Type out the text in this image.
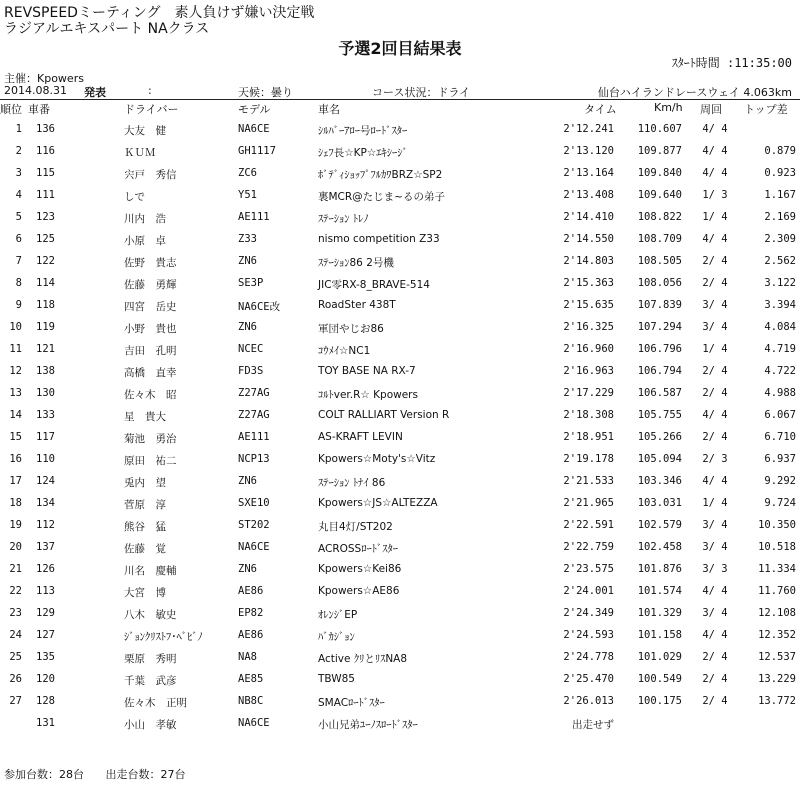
REVSPEEDミーティング　素人負けず嫌い決定戦
ラジアルエキスパート NAクラス
予選2回目結果表
ｽﾀｰﾄ時間 :11:35:00
主催：Kpowers
2014.08.31 発表	:	天候：曇り	コース状況：ドライ	仙台ハイランドレースウェイ 4.063km
順位 車番	ドライバー	モデル	車名	タイム	Km/h 周回 トップ差
1 136	大友　健	NA6CE	ｼﾙﾊﾞｰｱﾛｰ号ﾛｰﾄﾞｽﾀｰ	2'12.241	110.607	4/ 4
2 116	ＫＵＭ	GH1117	ｼｪﾌ長☆KP☆ｴｷｼｰｼﾞ	2'13.120	109.877	4/ 4	0.879
3 115	宍戸　秀信	ZC6	ﾎﾞﾃﾞｨｼｮｯﾌﾟﾌﾙｶﾜBRZ☆SP2	2'13.164	109.840	4/ 4	0.923
4 111	しで	Y51	裏MCR@たじま~るの弟子	2'13.408	109.640	1/ 3	1.167
5 123	川内　浩	AE111	ｽﾃｰｼｮﾝ ﾄﾚﾉ	2'14.410	108.822	1/ 4	2.169
6 125	小原　卓	Z33	nismo competition Z33	2'14.550	108.709	4/ 4	2.309
7 122	佐野　貴志	ZN6	ｽﾃｰｼｮﾝ86 2号機	2'14.803	108.505	2/ 4	2.562
8 114	佐藤　勇輝	SE3P	JIC零RX-8_BRAVE-514	2'15.363	108.056	2/ 4	3.122
9 118	四宮　岳史	NA6CE改	RoadSter 438T	2'15.635	107.839	3/ 4	3.394
10 119	小野　貴也	ZN6	軍団やじお86	2'16.325	107.294	3/ 4	4.084
11 121	吉田　孔明	NCEC	ｺｳﾒｲ☆NC1	2'16.960	106.796	1/ 4	4.719
12 138	高橋　直幸	FD3S	TOY BASE NA RX-7	2'16.963	106.794	2/ 4	4.722
13 130	佐々木　昭	Z27AG	ｺﾙﾄver.R☆ Kpowers	2'17.229	106.587	2/ 4	4.988
14 133	星　貴大	Z27AG	COLT RALLIART Version R	2'18.308	105.755	4/ 4	6.067
15 117	菊池　勇治	AE111	AS-KRAFT LEVIN	2'18.951	105.266	2/ 4	6.710
16 110	原田　祐二	NCP13	Kpowers☆Moty's☆Vitz	2'19.178	105.094	2/ 3	6.937
17 124	兎内　望	ZN6	ｽﾃｰｼｮﾝ ﾄﾅｲ 86	2'21.533	103.346	4/ 4	9.292
18 134	菅原　淳	SXE10	Kpowers☆JS☆ALTEZZA	2'21.965	103.031	1/ 4	9.724
19 112	熊谷　猛	ST202	丸目4灯/ST202	2'22.591	102.579	3/ 4	10.350
20 137	佐藤　覚	NA6CE	ACROSSﾛｰﾄﾞｽﾀｰ	2'22.759	102.458	3/ 4	10.518
21 126	川名　慶輔	ZN6	Kpowers☆Kei86	2'23.575	101.876	3/ 3	11.334
22 113	大宮　博	AE86	Kpowers☆AE86	2'24.001	101.574	4/ 4	11.760
23 129	八木　敏史	EP82	ｵﾚﾝｼﾞEP	2'24.349	101.329	3/ 4	12.108
24 127	ｼﾞｮﾝｸﾘｽﾄﾌ･ﾍﾞﾋﾞﾉ	AE86	ﾊﾞｶｼﾞｮﾝ	2'24.593	101.158	4/ 4	12.352
25 135	栗原　秀明	NA8	Active ｸﾘとﾘｽNA8	2'24.778	101.029	2/ 4	12.537
26 120	千葉　武彦	AE85	TBW85	2'25.470	100.549	2/ 4	13.229
27 128	佐々木　正明	NB8C	SMACﾛｰﾄﾞｽﾀｰ	2'26.013	100.175	2/ 4	13.772
131	小山　孝敏	NA6CE	小山兄弟ﾕｰﾉｽﾛｰﾄﾞｽﾀｰ	出走せず
参加台数：28台 出走台数：27台
